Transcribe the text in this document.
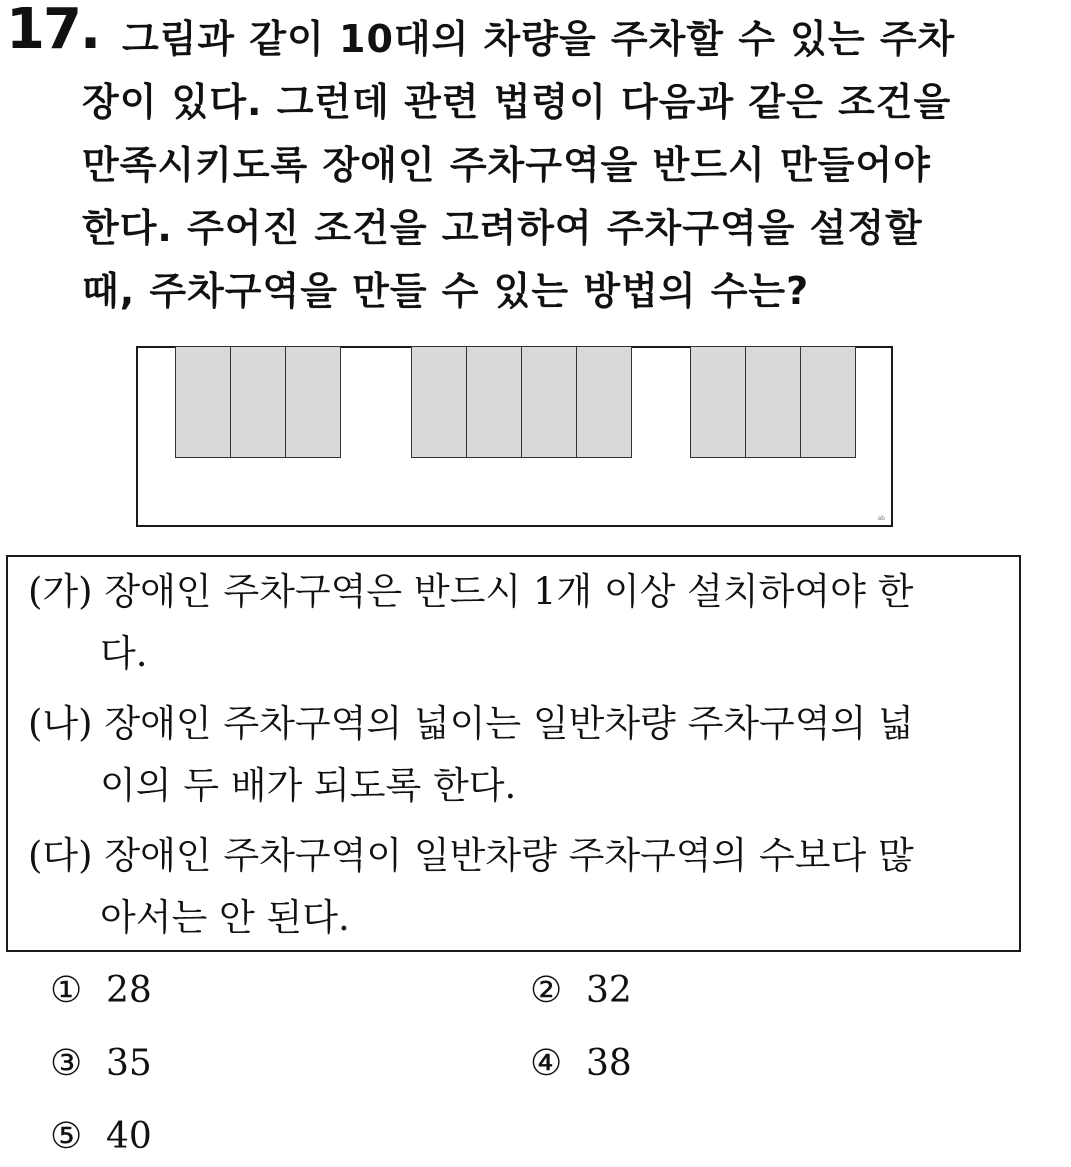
17. 그림과 같이 10대의 차량을 주차할 수 있는 주차
장이 있다. 그런데 관련 법령이 다음과 같은 조건을
만족시키도록 장애인 주차구역을 반드시 만들어야
한다. 주어진 조건을 고려하여 주차구역을 설정할
때, 주차구역을 만들 수 있는 방법의 수는?
ab
(가) 장애인 주차구역은 반드시 1개 이상 설치하여야 한
다.
(나) 장애인 주차구역의 넓이는 일반차량 주차구역의 넓
이의 두 배가 되도록 한다.
(다) 장애인 주차구역이 일반차량 주차구역의 수보다 많
아서는 안 된다.
① 28	② 32
③ 35	④ 38
⑤ 40
